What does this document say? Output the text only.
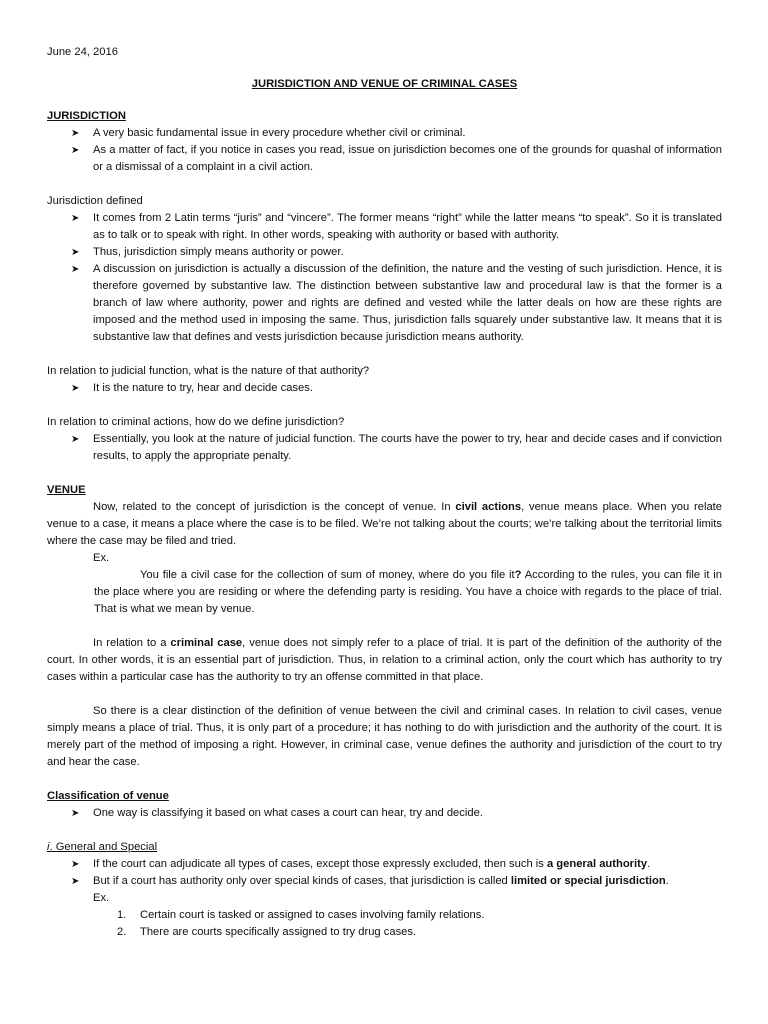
June 24, 2016

JURISDICTION AND VENUE OF CRIMINAL CASES

JURISDICTION

➤ A very basic fundamental issue in every procedure whether civil or criminal.
➤ As a matter of fact, if you notice in cases you read, issue on jurisdiction becomes one of the grounds for quashal of information or a dismissal of a complaint in a civil action.

Jurisdiction defined

➤ It comes from 2 Latin terms “juris” and “vincere”. The former means “right” while the latter means “to speak”. So it is translated as to talk or to speak with right. In other words, speaking with authority or based with authority.
➤ Thus, jurisdiction simply means authority or power.
➤ A discussion on jurisdiction is actually a discussion of the definition, the nature and the vesting of such jurisdiction. Hence, it is therefore governed by substantive law. The distinction between substantive law and procedural law is that the former is a branch of law where authority, power and rights are defined and vested while the latter deals on how are these rights are imposed and the method used in imposing the same. Thus, jurisdiction falls squarely under substantive law. It means that it is substantive law that defines and vests jurisdiction because jurisdiction means authority.

In relation to judicial function, what is the nature of that authority?

➤ It is the nature to try, hear and decide cases.

In relation to criminal actions, how do we define jurisdiction?

➤ Essentially, you look at the nature of judicial function. The courts have the power to try, hear and decide cases and if conviction results, to apply the appropriate penalty.

VENUE

Now, related to the concept of jurisdiction is the concept of venue. In civil actions, venue means place. When you relate venue to a case, it means a place where the case is to be filed. We’re not talking about the courts; we’re talking about the territorial limits where the case may be filed and tried.

Ex.

You file a civil case for the collection of sum of money, where do you file it? According to the rules, you can file it in the place where you are residing or where the defending party is residing. You have a choice with regards to the place of trial. That is what we mean by venue.

In relation to a criminal case, venue does not simply refer to a place of trial. It is part of the definition of the authority of the court. In other words, it is an essential part of jurisdiction. Thus, in relation to a criminal action, only the court which has authority to try cases within a particular case has the authority to try an offense committed in that place.

So there is a clear distinction of the definition of venue between the civil and criminal cases. In relation to civil cases, venue simply means a place of trial. Thus, it is only part of a procedure; it has nothing to do with jurisdiction and the authority of the court. It is merely part of the method of imposing a right. However, in criminal case, venue defines the authority and jurisdiction of the court to try and hear the case.

Classification of venue

➤ One way is classifying it based on what cases a court can hear, try and decide.

i. General and Special

➤ If the court can adjudicate all types of cases, except those expressly excluded, then such is a general authority.
➤ But if a court has authority only over special kinds of cases, that jurisdiction is called limited or special jurisdiction.

Ex.

1. Certain court is tasked or assigned to cases involving family relations.
2. There are courts specifically assigned to try drug cases.
